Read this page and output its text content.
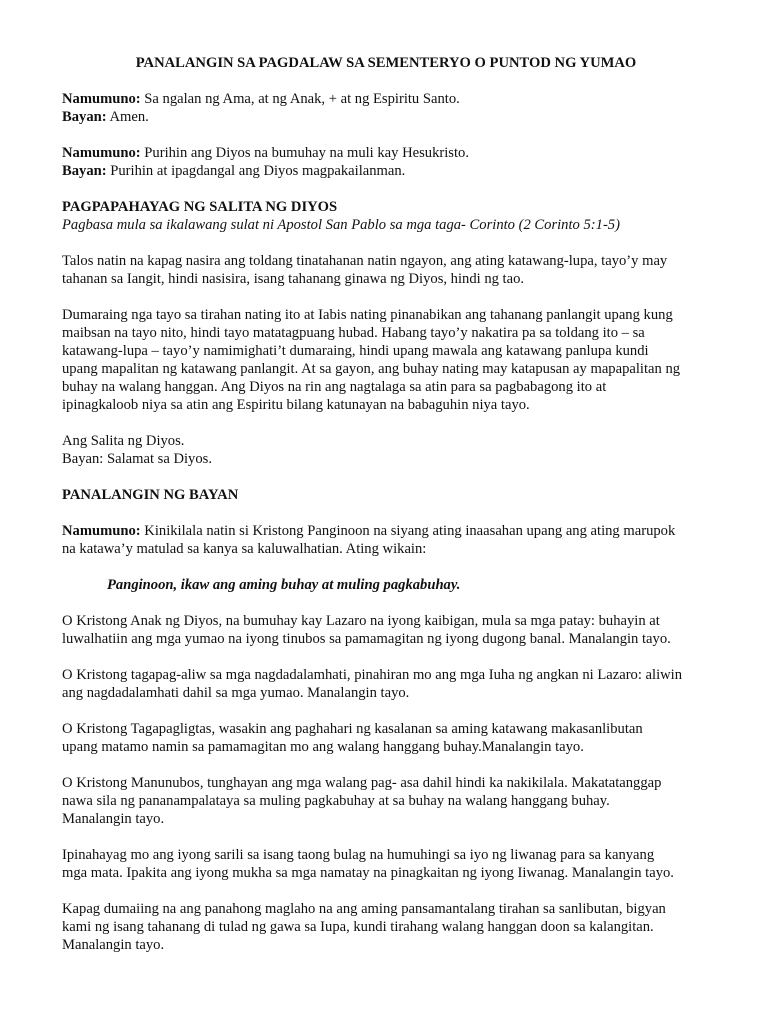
PANALANGIN SA PAGDALAW SA SEMENTERYO O PUNTOD NG YUMAO
Namumuno: Sa ngalan ng Ama, at ng Anak, + at ng Espiritu Santo.
Bayan: Amen.
Namumuno: Purihin ang Diyos na bumuhay na muli kay Hesukristo.
Bayan: Purihin at ipagdangal ang Diyos magpakailanman.
PAGPAPAHAYAG NG SALITA NG DIYOS
Pagbasa mula sa ikalawang sulat ni Apostol San Pablo sa mga taga- Corinto (2 Corinto 5:1-5)
Talos natin na kapag nasira ang toldang tinatahanan natin ngayon, ang ating katawang-lupa, tayo’y may
tahanan sa Iangit, hindi nasisira, isang tahanang ginawa ng Diyos, hindi ng tao.
Dumaraing nga tayo sa tirahan nating ito at Iabis nating pinanabikan ang tahanang panlangit upang kung
maibsan na tayo nito, hindi tayo matatagpuang hubad. Habang tayo’y nakatira pa sa toldang ito – sa
katawang-lupa – tayo’y namimighati’t dumaraing, hindi upang mawala ang katawang panlupa kundi
upang mapalitan ng katawang panlangit. At sa gayon, ang buhay nating may katapusan ay mapapalitan ng
buhay na walang hanggan. Ang Diyos na rin ang nagtalaga sa atin para sa pagbabagong ito at
ipinagkaloob niya sa atin ang Espiritu bilang katunayan na babaguhin niya tayo.
Ang Salita ng Diyos.
Bayan: Salamat sa Diyos.
PANALANGIN NG BAYAN
Namumuno: Kinikilala natin si Kristong Panginoon na siyang ating inaasahan upang ang ating marupok
na katawa’y matulad sa kanya sa kaluwalhatian. Ating wikain:
Panginoon, ikaw ang aming buhay at muling pagkabuhay.
O Kristong Anak ng Diyos, na bumuhay kay Lazaro na iyong kaibigan, mula sa mga patay: buhayin at
luwalhatiin ang mga yumao na iyong tinubos sa pamamagitan ng iyong dugong banal. Manalangin tayo.
O Kristong tagapag-aliw sa mga nagdadalamhati, pinahiran mo ang mga Iuha ng angkan ni Lazaro: aliwin
ang nagdadalamhati dahil sa mga yumao. Manalangin tayo.
O Kristong Tagapagligtas, wasakin ang paghahari ng kasalanan sa aming katawang makasanlibutan
upang matamo namin sa pamamagitan mo ang walang hanggang buhay.Manalangin tayo.
O Kristong Manunubos, tunghayan ang mga walang pag- asa dahil hindi ka nakikilala. Makatatanggap
nawa sila ng pananampalataya sa muling pagkabuhay at sa buhay na walang hanggang buhay.
Manalangin tayo.
Ipinahayag mo ang iyong sarili sa isang taong bulag na humuhingi sa iyo ng liwanag para sa kanyang
mga mata. Ipakita ang iyong mukha sa mga namatay na pinagkaitan ng iyong Iiwanag. Manalangin tayo.
Kapag dumaiing na ang panahong maglaho na ang aming pansamantalang tirahan sa sanlibutan, bigyan
kami ng isang tahanang di tulad ng gawa sa Iupa, kundi tirahang walang hanggan doon sa kalangitan.
Manalangin tayo.
